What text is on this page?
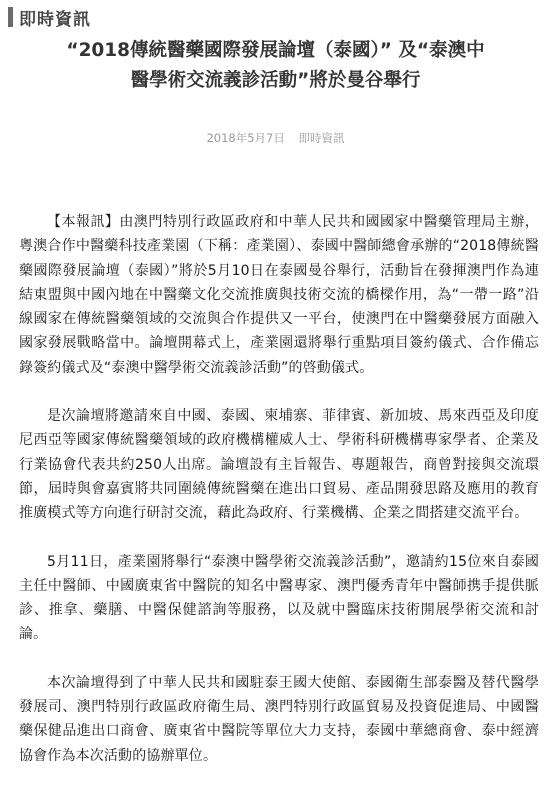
即時資訊
“2018傳統醫藥國際發展論壇（泰國）” 及“泰澳中
醫學術交流義診活動”將於曼谷舉行
2018年5月7日 即時資訊

【本報訊】由澳門特別行政區政府和中華人民共和國國家中醫藥管理局主辦，粵澳合作中醫藥科技產業園（下稱：產業園）、泰國中醫師總會承辦的“2018傳統醫藥國際發展論壇（泰國）”將於5月10日在泰國曼谷舉行，活動旨在發揮澳門作為連結東盟與中國內地在中醫藥文化交流推廣與技術交流的橋樑作用，為“一帶一路”沿線國家在傳統醫藥領域的交流與合作提供又一平台，使澳門在中醫藥發展方面融入國家發展戰略當中。論壇開幕式上，產業園還將舉行重點項目簽約儀式、合作備忘錄簽約儀式及“泰澳中醫學術交流義診活動”的啓動儀式。

是次論壇將邀請來自中國、泰國、柬埔寨、菲律賓、新加坡、馬來西亞及印度尼西亞等國家傳統醫藥領域的政府機構權威人士、學術科研機構專家學者、企業及行業協會代表共約250人出席。論壇設有主旨報告、專題報告，商曾對接與交流環節，屆時與會嘉賓將共同圍繞傳統醫藥在進出口貿易、產品開發思路及應用的教育推廣模式等方向進行研討交流，藉此為政府、行業機構、企業之間搭建交流平台。

5月11日，產業園將舉行“泰澳中醫學術交流義診活動”，邀請約15位來自泰國主任中醫師、中國廣東省中醫院的知名中醫專家、澳門優秀青年中醫師携手提供脈診、推拿、藥膳、中醫保健諮詢等服務，以及就中醫臨床技術開展學術交流和討論。

本次論壇得到了中華人民共和國駐泰王國大使館、泰國衛生部泰醫及替代醫學發展司、澳門特別行政區政府衛生局、澳門特別行政區貿易及投資促進局、中國醫藥保健品進出口商會、廣東省中醫院等單位大力支持，泰國中華總商會、泰中經濟協會作為本次活動的協辦單位。
